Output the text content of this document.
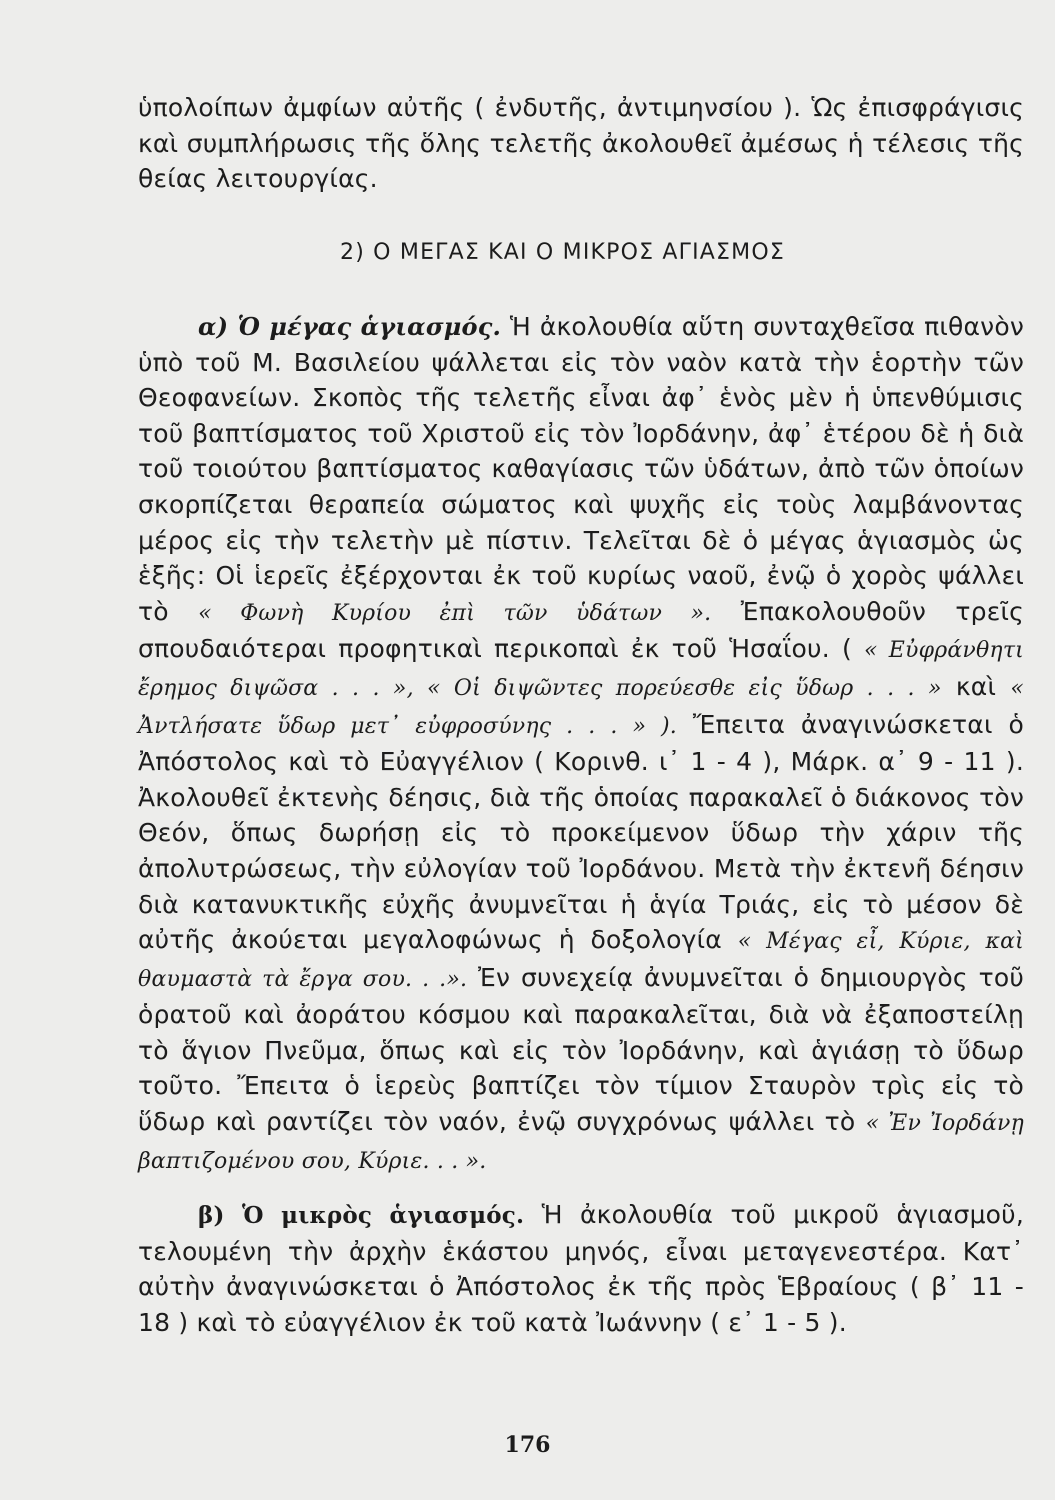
ὑπολοίπων ἀμφίων αὐτῆς ( ἐνδυτῆς, ἀντιμηνσίου ). Ὡς ἐπισφράγισις καὶ συμπλήρωσις τῆς ὅλης τελετῆς ἀκολουθεῖ ἀμέσως ἡ τέλεσις τῆς θείας λειτουργίας.
2) Ο ΜΕΓΑΣ ΚΑΙ Ο ΜΙΚΡΟΣ ΑΓΙΑΣΜΟΣ
α) Ὁ μέγας ἁγιασμός. Ἡ ἀκολουθία αὕτη συνταχθεῖσα πιθανὸν ὑπὸ τοῦ Μ. Βασιλείου ψάλλεται εἰς τὸν ναὸν κατὰ τὴν ἑορτὴν τῶν Θεοφανείων. Σκοπὸς τῆς τελετῆς εἶναι ἀφ᾽ ἑνὸς μὲν ἡ ὑπενθύμισις τοῦ βαπτίσματος τοῦ Χριστοῦ εἰς τὸν Ἰορδάνην, ἀφ᾽ ἑτέρου δὲ ἡ διὰ τοῦ τοιούτου βαπτίσματος καθαγίασις τῶν ὑδάτων, ἀπὸ τῶν ὁποίων σκορπίζεται θεραπεία σώματος καὶ ψυχῆς εἰς τοὺς λαμβάνοντας μέρος εἰς τὴν τελετὴν μὲ πίστιν. Τελεῖται δὲ ὁ μέγας ἁγιασμὸς ὡς ἑξῆς: Οἱ ἱερεῖς ἐξέρχονται ἐκ τοῦ κυρίως ναοῦ, ἐνῷ ὁ χορὸς ψάλλει τὸ « Φωνὴ Κυρίου ἐπὶ τῶν ὑδάτων ». Ἐπακολουθοῦν τρεῖς σπουδαιότεραι προφητικαὶ περικοπαὶ ἐκ τοῦ Ἡσαΐου. ( « Εὐφράνθητι ἔρημος διψῶσα . . . », « Οἱ διψῶντες πορεύεσθε εἰς ὕδωρ . . . » καὶ « Ἀντλήσατε ὕδωρ μετ᾽ εὐφροσύνης . . . » ). Ἔπειτα ἀναγινώσκεται ὁ Ἀπόστολος καὶ τὸ Εὐαγγέλιον ( Κορινθ. ι᾽ 1 - 4 ), Μάρκ. α᾽ 9 - 11 ). Ἀκολουθεῖ ἐκτενὴς δέησις, διὰ τῆς ὁποίας παρακαλεῖ ὁ διάκονος τὸν Θεόν, ὅπως δωρήσῃ εἰς τὸ προκείμενον ὕδωρ τὴν χάριν τῆς ἀπολυτρώσεως, τὴν εὐλογίαν τοῦ Ἰορδάνου. Μετὰ τὴν ἐκτενῆ δέησιν διὰ κατανυκτικῆς εὐχῆς ἀνυμνεῖται ἡ ἁγία Τριάς, εἰς τὸ μέσον δὲ αὐτῆς ἀκούεται μεγαλοφώνως ἡ δοξολογία « Μέγας εἶ, Κύριε, καὶ θαυμαστὰ τὰ ἔργα σου. . .». Ἐν συνεχείᾳ ἀνυμνεῖται ὁ δημιουργὸς τοῦ ὁρατοῦ καὶ ἀοράτου κόσμου καὶ παρακαλεῖται, διὰ νὰ ἐξαποστείλῃ τὸ ἅγιον Πνεῦμα, ὅπως καὶ εἰς τὸν Ἰορδάνην, καὶ ἁγιάσῃ τὸ ὕδωρ τοῦτο. Ἔπειτα ὁ ἱερεὺς βαπτίζει τὸν τίμιον Σταυρὸν τρὶς εἰς τὸ ὕδωρ καὶ ραντίζει τὸν ναόν, ἐνῷ συγχρόνως ψάλλει τὸ « Ἐν Ἰορδάνῃ βαπτιζομένου σου, Κύριε. . . ».
β) Ὁ μικρὸς ἁγιασμός. Ἡ ἀκολουθία τοῦ μικροῦ ἁγιασμοῦ, τελουμένη τὴν ἀρχὴν ἑκάστου μηνός, εἶναι μεταγενεστέρα. Κατ᾽ αὐτὴν ἀναγινώσκεται ὁ Ἀπόστολος ἐκ τῆς πρὸς Ἑβραίους ( β᾽ 11 - 18 ) καὶ τὸ εὐαγγέλιον ἐκ τοῦ κατὰ Ἰωάννην ( ε᾽ 1 - 5 ).
176
